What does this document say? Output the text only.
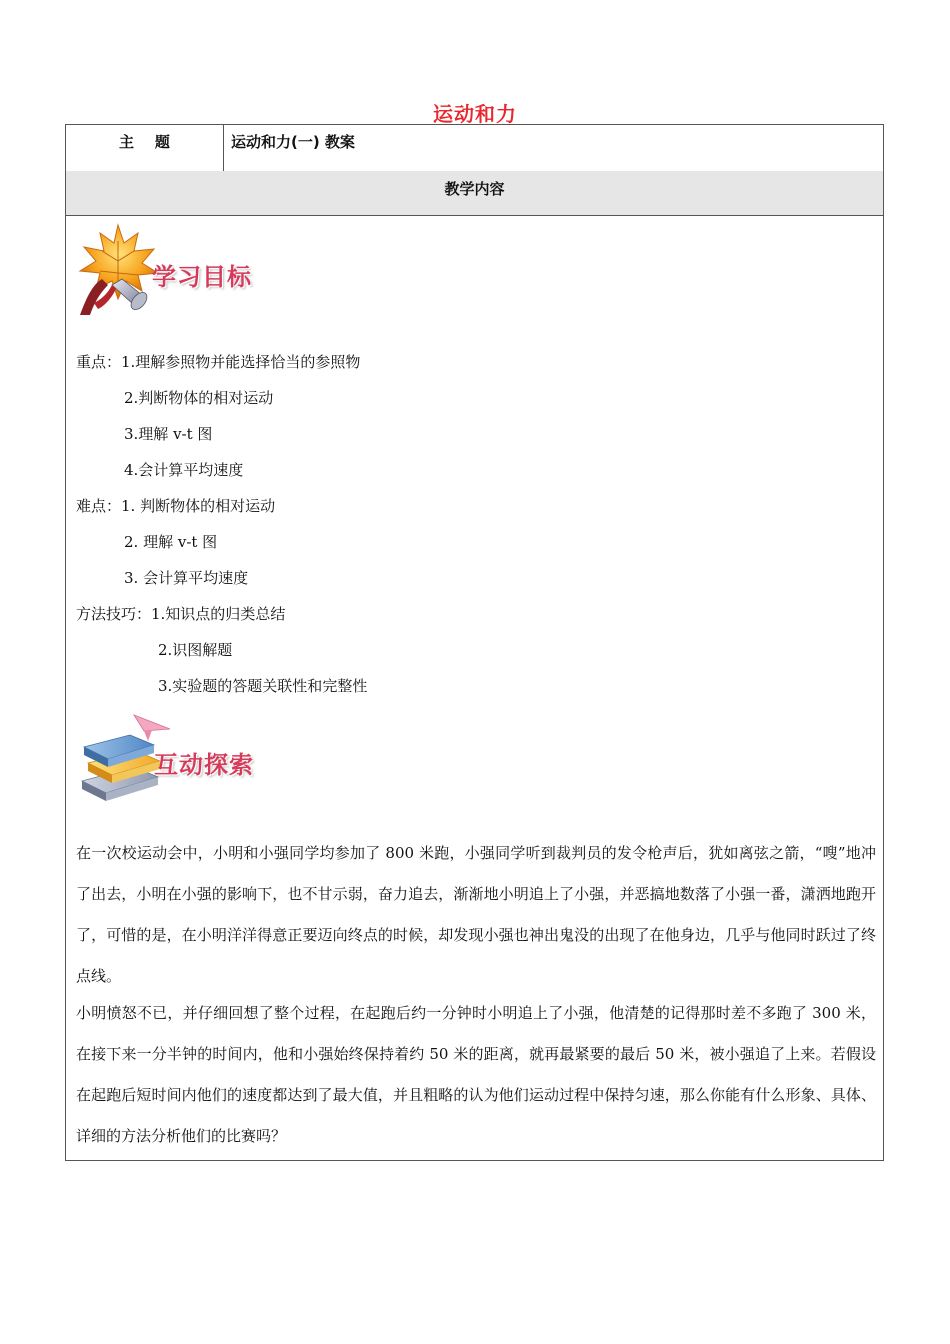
运动和力
主    题	运动和力(一) 教案
教学内容
学习目标
重点：1.理解参照物并能选择恰当的参照物
2.判断物体的相对运动
3.理解 v-t 图
4.会计算平均速度
难点：1. 判断物体的相对运动
2. 理解 v-t 图
3. 会计算平均速度
方法技巧：1.知识点的归类总结
2.识图解题
3.实验题的答题关联性和完整性
互动探索
在一次校运动会中，小明和小强同学均参加了 800 米跑，小强同学听到裁判员的发令枪声后，犹如离弦之箭，“嗖”地冲了出去，小明在小强的影响下，也不甘示弱，奋力追去，渐渐地小明追上了小强，并恶搞地数落了小强一番，潇洒地跑开了，可惜的是，在小明洋洋得意正要迈向终点的时候，却发现小强也神出鬼没的出现了在他身边，几乎与他同时跃过了终点线。
小明愤怒不已，并仔细回想了整个过程，在起跑后约一分钟时小明追上了小强，他清楚的记得那时差不多跑了 300 米，在接下来一分半钟的时间内，他和小强始终保持着约 50 米的距离，就再最紧要的最后 50 米，被小强追了上来。若假设在起跑后短时间内他们的速度都达到了最大值，并且粗略的认为他们运动过程中保持匀速，那么你能有什么形象、具体、详细的方法分析他们的比赛吗？
